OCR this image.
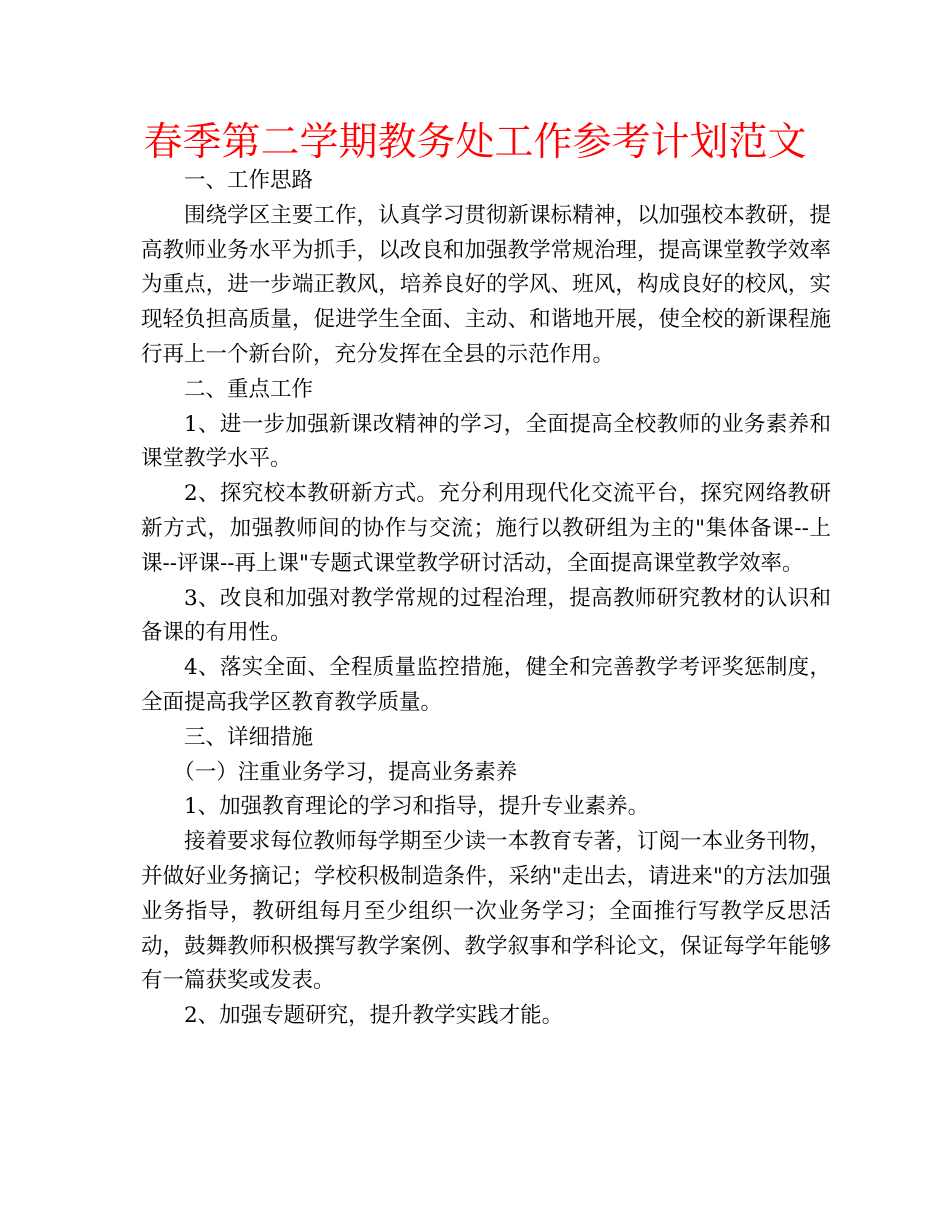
春季第二学期教务处工作参考计划范文

一、工作思路

围绕学区主要工作，认真学习贯彻新课标精神，以加强校本教研，提高教师业务水平为抓手，以改良和加强教学常规治理，提高课堂教学效率为重点，进一步端正教风，培养良好的学风、班风，构成良好的校风，实现轻负担高质量，促进学生全面、主动、和谐地开展，使全校的新课程施行再上一个新台阶，充分发挥在全县的示范作用。

二、重点工作

1、进一步加强新课改精神的学习，全面提高全校教师的业务素养和课堂教学水平。

2、探究校本教研新方式。充分利用现代化交流平台，探究网络教研新方式，加强教师间的协作与交流；施行以教研组为主的"集体备课--上课--评课--再上课"专题式课堂教学研讨活动，全面提高课堂教学效率。

3、改良和加强对教学常规的过程治理，提高教师研究教材的认识和备课的有用性。

4、落实全面、全程质量监控措施，健全和完善教学考评奖惩制度，全面提高我学区教育教学质量。

三、详细措施

（一）注重业务学习，提高业务素养

1、加强教育理论的学习和指导，提升专业素养。

接着要求每位教师每学期至少读一本教育专著，订阅一本业务刊物，并做好业务摘记；学校积极制造条件，采纳"走出去，请进来"的方法加强业务指导，教研组每月至少组织一次业务学习；全面推行写教学反思活动，鼓舞教师积极撰写教学案例、教学叙事和学科论文，保证每学年能够有一篇获奖或发表。

2、加强专题研究，提升教学实践才能。
